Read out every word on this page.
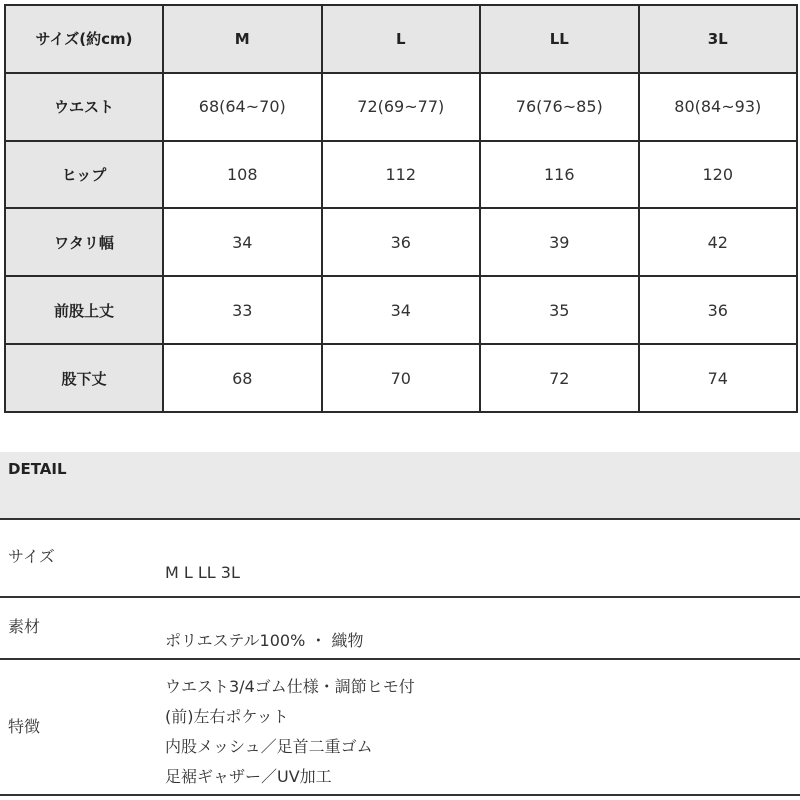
サイズ(約cm)	M	L	LL	3L
ウエスト	68(64~70)	72(69~77)	76(76~85)	80(84~93)
ヒップ	108	112	116	120
ワタリ幅	34	36	39	42
前股上丈	33	34	35	36
股下丈	68	70	72	74
DETAIL
サイズ
M L LL 3L
素材
ポリエステル100% ・ 織物
特徴
ウエスト3/4ゴム仕様・調節ヒモ付
(前)左右ポケット
内股メッシュ／足首二重ゴム
足裾ギャザー／UV加工
